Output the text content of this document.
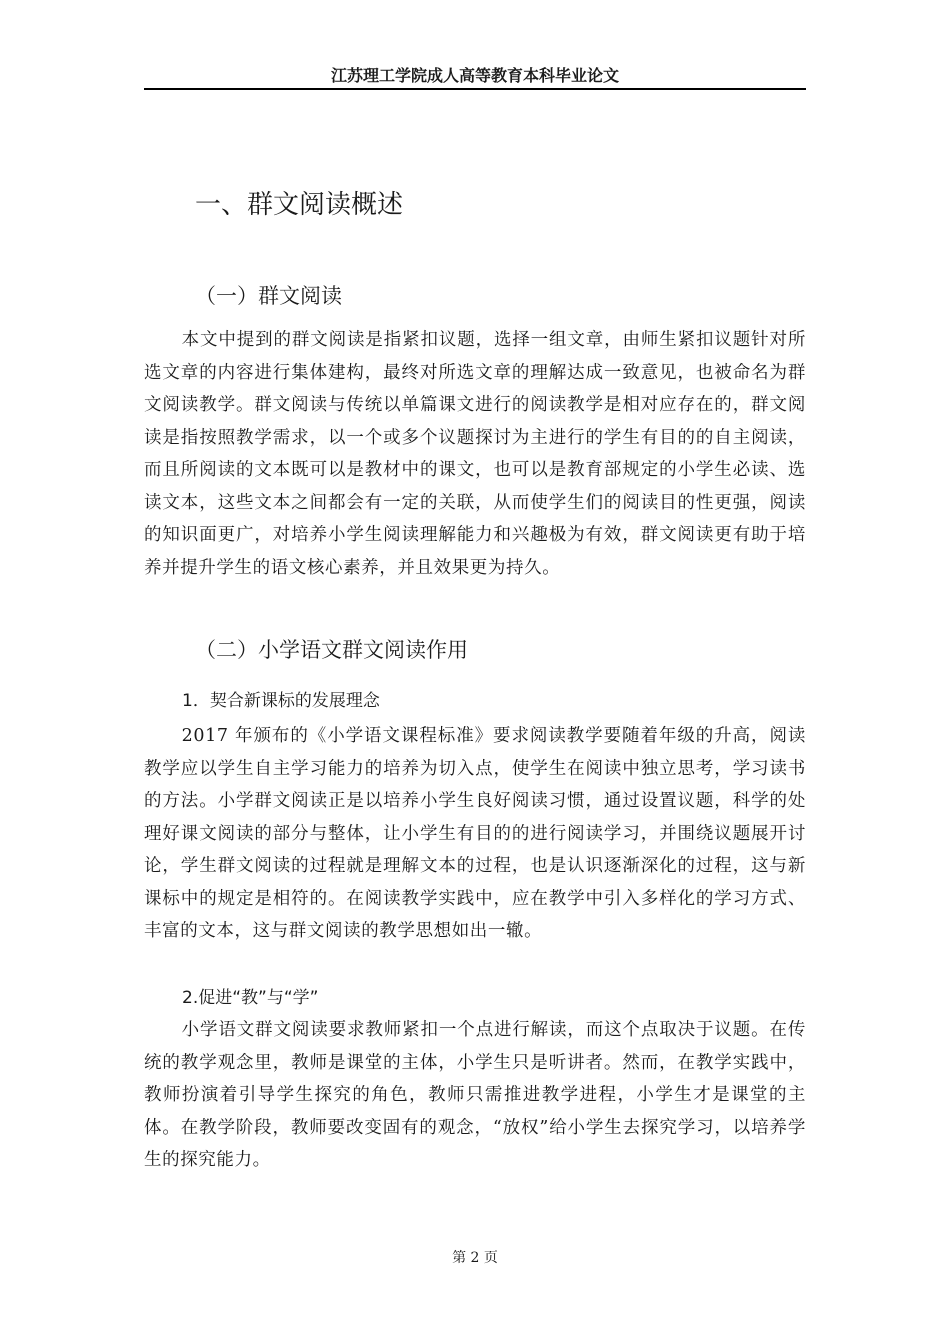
江苏理工学院成人高等教育本科毕业论文
一、群文阅读概述
（一）群文阅读

本文中提到的群文阅读是指紧扣议题，选择一组文章，由师生紧扣议题针对所选文章的内容进行集体建构，最终对所选文章的理解达成一致意见，也被命名为群文阅读教学。群文阅读与传统以单篇课文进行的阅读教学是相对应存在的，群文阅读是指按照教学需求，以一个或多个议题探讨为主进行的学生有目的的自主阅读，而且所阅读的文本既可以是教材中的课文，也可以是教育部规定的小学生必读、选读文本，这些文本之间都会有一定的关联，从而使学生们的阅读目的性更强，阅读的知识面更广，对培养小学生阅读理解能力和兴趣极为有效，群文阅读更有助于培养并提升学生的语文核心素养，并且效果更为持久。

（二）小学语文群文阅读作用
1．契合新课标的发展理念

2017 年颁布的《小学语文课程标准》要求阅读教学要随着年级的升高，阅读教学应以学生自主学习能力的培养为切入点，使学生在阅读中独立思考，学习读书的方法。小学群文阅读正是以培养小学生良好阅读习惯，通过设置议题，科学的处理好课文阅读的部分与整体，让小学生有目的的进行阅读学习，并围绕议题展开讨论，学生群文阅读的过程就是理解文本的过程，也是认识逐渐深化的过程，这与新课标中的规定是相符的。在阅读教学实践中，应在教学中引入多样化的学习方式、丰富的文本，这与群文阅读的教学思想如出一辙。

2.促进“教”与“学”

小学语文群文阅读要求教师紧扣一个点进行解读，而这个点取决于议题。在传统的教学观念里，教师是课堂的主体，小学生只是听讲者。然而，在教学实践中，教师扮演着引导学生探究的角色，教师只需推进教学进程，小学生才是课堂的主体。在教学阶段，教师要改变固有的观念，“放权”给小学生去探究学习，以培养学生的探究能力。

第 2 页
